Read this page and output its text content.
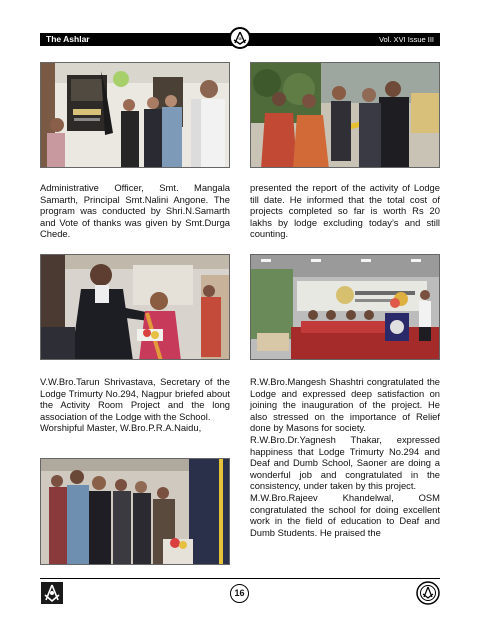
The Ashlar	Vol. XVI Issue III
G

Administrative Officer, Smt. Mangala Samarth, Principal Smt.Nalini Angone. The program was conducted by Shri.N.Samarth and Vote of thanks was given by Smt.Durga Chede.

presented the report of the activity of Lodge till date. He informed that the total cost of projects completed so far is worth Rs 20 lakhs by lodge excluding today’s and still counting.

V.W.Bro.Tarun Shrivastava, Secretary of the Lodge Trimurty No.294, Nagpur briefed about the Activity Room Project and the long association of the Lodge with the School.

Worshipful Master, W.Bro.P.R.A.Naidu,

R.W.Bro.Mangesh Shashtri congratulated the Lodge and expressed deep satisfaction on joining the inauguration of the project. He also stressed on the importance of Relief done by Masons for society.

R.W.Bro.Dr.Yagnesh Thakar, expressed happiness that Lodge Trimurty No.294 and Deaf and Dumb School, Saoner are doing a wonderful job and congratulated in the consistency, under taken by this project.

M.W.Bro.Rajeev Khandelwal, OSM congratulated the school for doing excellent work in the field of education to Deaf and Dumb Students. He praised the

16
